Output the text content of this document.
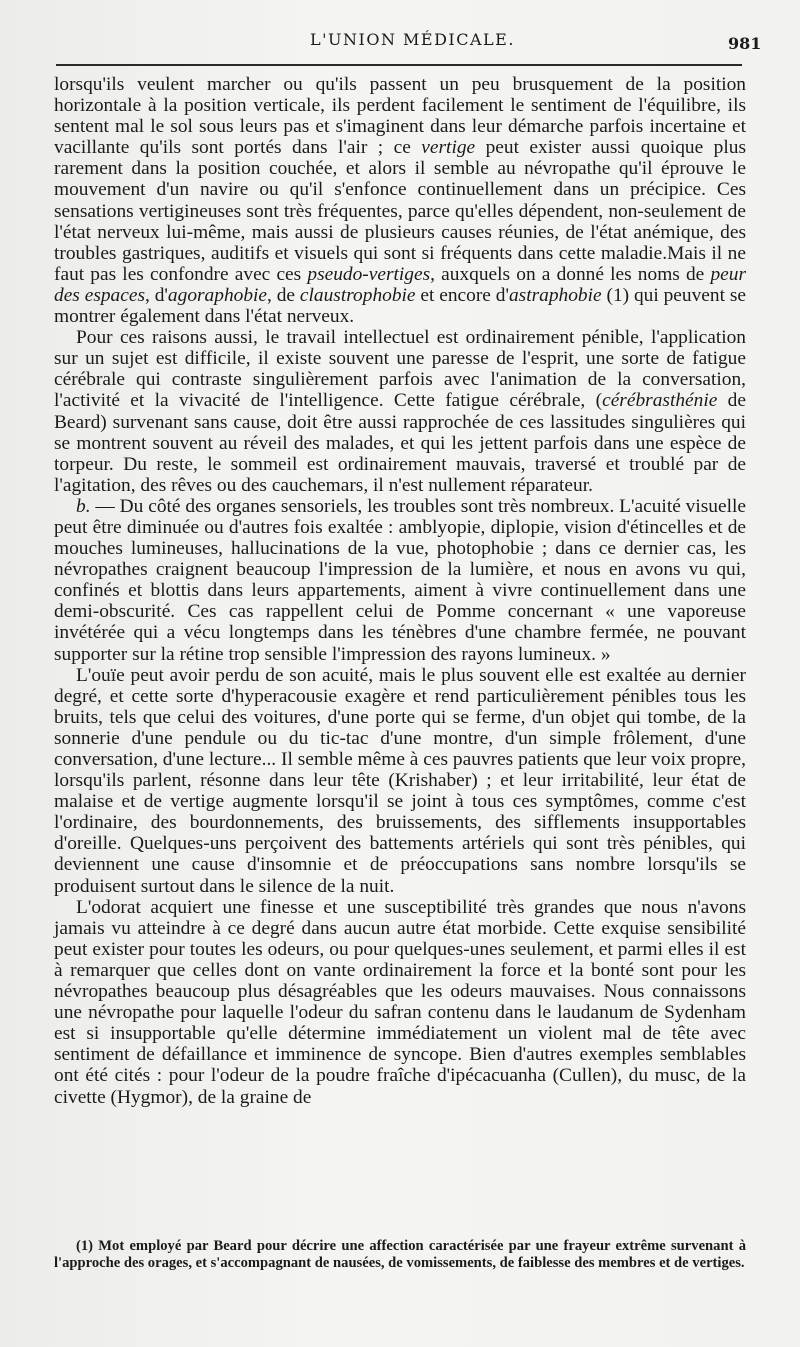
L'UNION MÉDICALE.	981

lorsqu'ils veulent marcher ou qu'ils passent un peu brusquement de la position horizontale à la position verticale, ils perdent facilement le sentiment de l'équilibre, ils sentent mal le sol sous leurs pas et s'imaginent dans leur démarche parfois incertaine et vacillante qu'ils sont portés dans l'air ; ce vertige peut exister aussi quoique plus rarement dans la position couchée, et alors il semble au névropathe qu'il éprouve le mouvement d'un navire ou qu'il s'enfonce continuellement dans un précipice. Ces sensations vertigineuses sont très fréquentes, parce qu'elles dépendent, non-seulement de l'état nerveux lui-même, mais aussi de plusieurs causes réunies, de l'état anémique, des troubles gastriques, auditifs et visuels qui sont si fréquents dans cette maladie.Mais il ne faut pas les confondre avec ces pseudo-vertiges, auxquels on a donné les noms de peur des espaces, d'agoraphobie, de claustrophobie et encore d'astraphobie (1) qui peuvent se montrer également dans l'état nerveux.

Pour ces raisons aussi, le travail intellectuel est ordinairement pénible, l'application sur un sujet est difficile, il existe souvent une paresse de l'esprit, une sorte de fatigue cérébrale qui contraste singulièrement parfois avec l'animation de la conversation, l'activité et la vivacité de l'intelligence. Cette fatigue cérébrale, (cérébrasthénie de Beard) survenant sans cause, doit être aussi rapprochée de ces lassitudes singulières qui se montrent souvent au réveil des malades, et qui les jettent parfois dans une espèce de torpeur. Du reste, le sommeil est ordinairement mauvais, traversé et troublé par de l'agitation, des rêves ou des cauchemars, il n'est nullement réparateur.

b. — Du côté des organes sensoriels, les troubles sont très nombreux. L'acuité visuelle peut être diminuée ou d'autres fois exaltée : amblyopie, diplopie, vision d'étincelles et de mouches lumineuses, hallucinations de la vue, photophobie ; dans ce dernier cas, les névropathes craignent beaucoup l'impression de la lumière, et nous en avons vu qui, confinés et blottis dans leurs appartements, aiment à vivre continuellement dans une demi-obscurité. Ces cas rappellent celui de Pomme concernant « une vaporeuse invétérée qui a vécu longtemps dans les ténèbres d'une chambre fermée, ne pouvant supporter sur la rétine trop sensible l'impression des rayons lumineux. »

L'ouïe peut avoir perdu de son acuité, mais le plus souvent elle est exaltée au dernier degré, et cette sorte d'hyperacousie exagère et rend particulièrement pénibles tous les bruits, tels que celui des voitures, d'une porte qui se ferme, d'un objet qui tombe, de la sonnerie d'une pendule ou du tic-tac d'une montre, d'un simple frôlement, d'une conversation, d'une lecture... Il semble même à ces pauvres patients que leur voix propre, lorsqu'ils parlent, résonne dans leur tête (Krishaber) ; et leur irritabilité, leur état de malaise et de vertige augmente lorsqu'il se joint à tous ces symptômes, comme c'est l'ordinaire, des bourdonnements, des bruissements, des sifflements insupportables d'oreille. Quelques-uns perçoivent des battements artériels qui sont très pénibles, qui deviennent une cause d'insomnie et de préoccupations sans nombre lorsqu'ils se produisent surtout dans le silence de la nuit.

L'odorat acquiert une finesse et une susceptibilité très grandes que nous n'avons jamais vu atteindre à ce degré dans aucun autre état morbide. Cette exquise sensibilité peut exister pour toutes les odeurs, ou pour quelques-unes seulement, et parmi elles il est à remarquer que celles dont on vante ordinairement la force et la bonté sont pour les névropathes beaucoup plus désagréables que les odeurs mauvaises. Nous connaissons une névropathe pour laquelle l'odeur du safran contenu dans le laudanum de Sydenham est si insupportable qu'elle détermine immédiatement un violent mal de tête avec sentiment de défaillance et imminence de syncope. Bien d'autres exemples semblables ont été cités : pour l'odeur de la poudre fraîche d'ipécacuanha (Cullen), du musc, de la civette (Hygmor), de la graine de

(1) Mot employé par Beard pour décrire une affection caractérisée par une frayeur extrême survenant à l'approche des orages, et s'accompagnant de nausées, de vomissements, de faiblesse des membres et de vertiges.
